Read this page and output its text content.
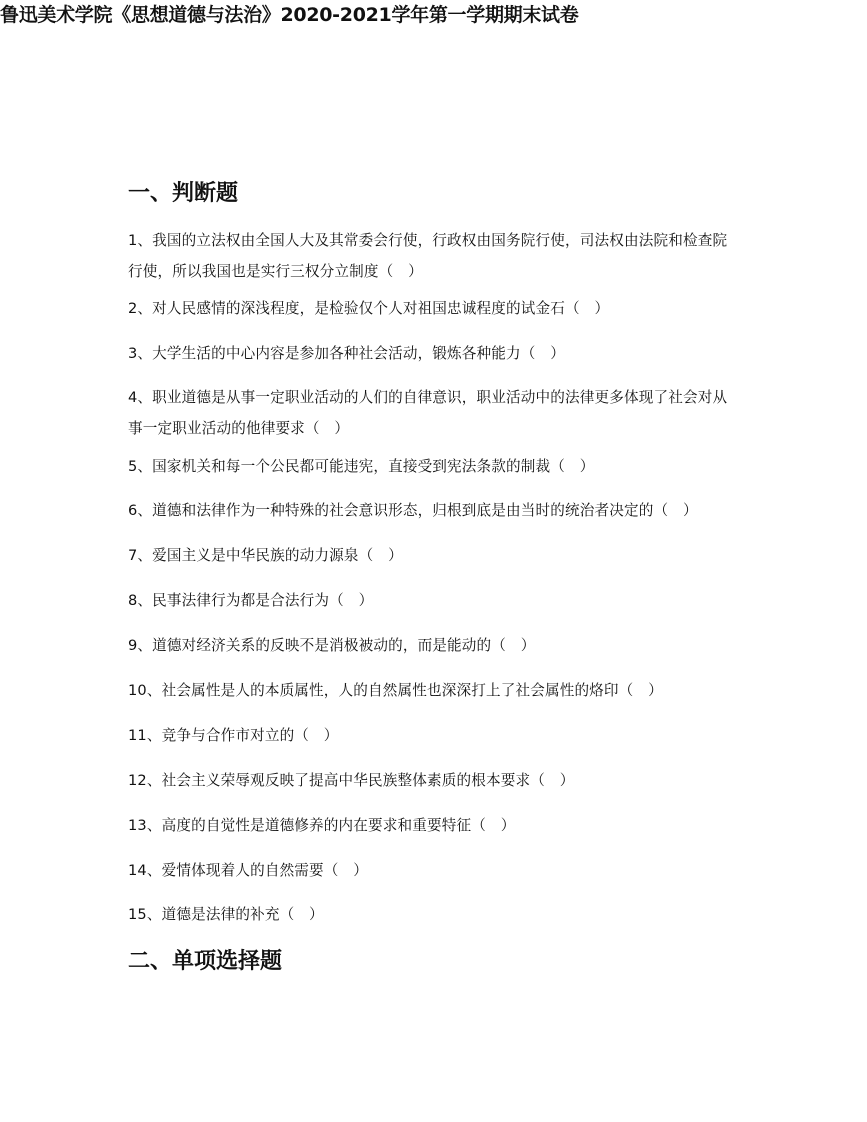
鲁迅美术学院《思想道德与法治》2020-2021学年第一学期期末试卷
一、判断题
1、我国的立法权由全国人大及其常委会行使，行政权由国务院行使，司法权由法院和检查院行使，所以我国也是实行三权分立制度（　）
2、对人民感情的深浅程度，是检验仅个人对祖国忠诚程度的试金石（　）
3、大学生活的中心内容是参加各种社会活动，锻炼各种能力（　）
4、职业道德是从事一定职业活动的人们的自律意识，职业活动中的法律更多体现了社会对从事一定职业活动的他律要求（　）
5、国家机关和每一个公民都可能违宪，直接受到宪法条款的制裁（　）
6、道德和法律作为一种特殊的社会意识形态，归根到底是由当时的统治者决定的（　）
7、爱国主义是中华民族的动力源泉（　）
8、民事法律行为都是合法行为（　）
9、道德对经济关系的反映不是消极被动的，而是能动的（　）
10、社会属性是人的本质属性，人的自然属性也深深打上了社会属性的烙印（　）
11、竞争与合作市对立的（　）
12、社会主义荣辱观反映了提高中华民族整体素质的根本要求（　）
13、高度的自觉性是道德修养的内在要求和重要特征（　）
14、爱情体现着人的自然需要（　）
15、道德是法律的补充（　）
二、单项选择题
